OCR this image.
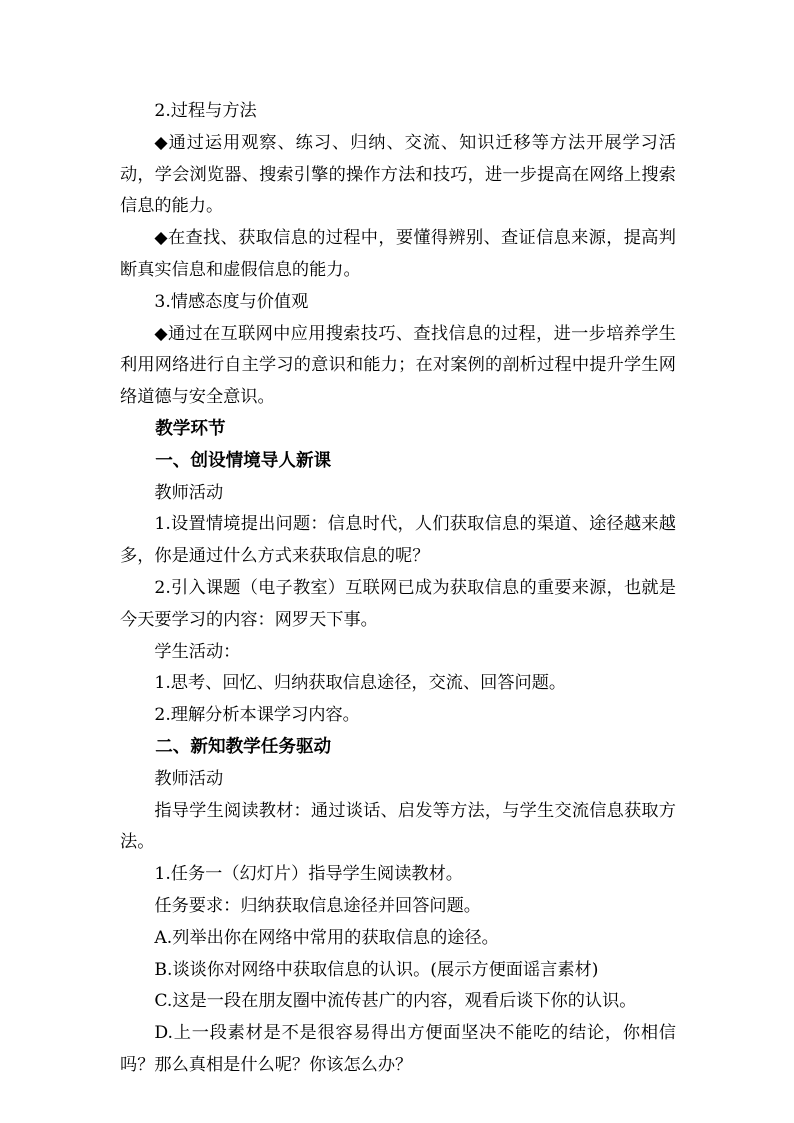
2.过程与方法

◆通过运用观察、练习、归纳、交流、知识迁移等方法开展学习活动，学会浏览器、搜索引擎的操作方法和技巧，进一步提高在网络上搜索信息的能力。

◆在查找、获取信息的过程中，要懂得辨别、查证信息来源，提高判断真实信息和虚假信息的能力。

3.情感态度与价值观

◆通过在互联网中应用搜索技巧、查找信息的过程，进一步培养学生利用网络进行自主学习的意识和能力；在对案例的剖析过程中提升学生网络道德与安全意识。

教学环节

一、创设情境导人新课

教师活动

1.设置情境提出问题：信息时代，人们获取信息的渠道、途径越来越多，你是通过什么方式来获取信息的呢？

2.引入课题（电子教室）互联网已成为获取信息的重要来源，也就是今天要学习的内容：网罗天下事。

学生活动：

1.思考、回忆、归纳获取信息途径，交流、回答问题。

2.理解分析本课学习内容。

二、新知教学任务驱动

教师活动

指导学生阅读教材：通过谈话、启发等方法，与学生交流信息获取方法。

1.任务一（幻灯片）指导学生阅读教材。

任务要求：归纳获取信息途径并回答问题。

A.列举出你在网络中常用的获取信息的途径。

B.谈谈你对网络中获取信息的认识。(展示方便面谣言素材)

C.这是一段在朋友圈中流传甚广的内容，观看后谈下你的认识。

D.上一段素材是不是很容易得出方便面坚决不能吃的结论，你相信吗？那么真相是什么呢？你该怎么办？
